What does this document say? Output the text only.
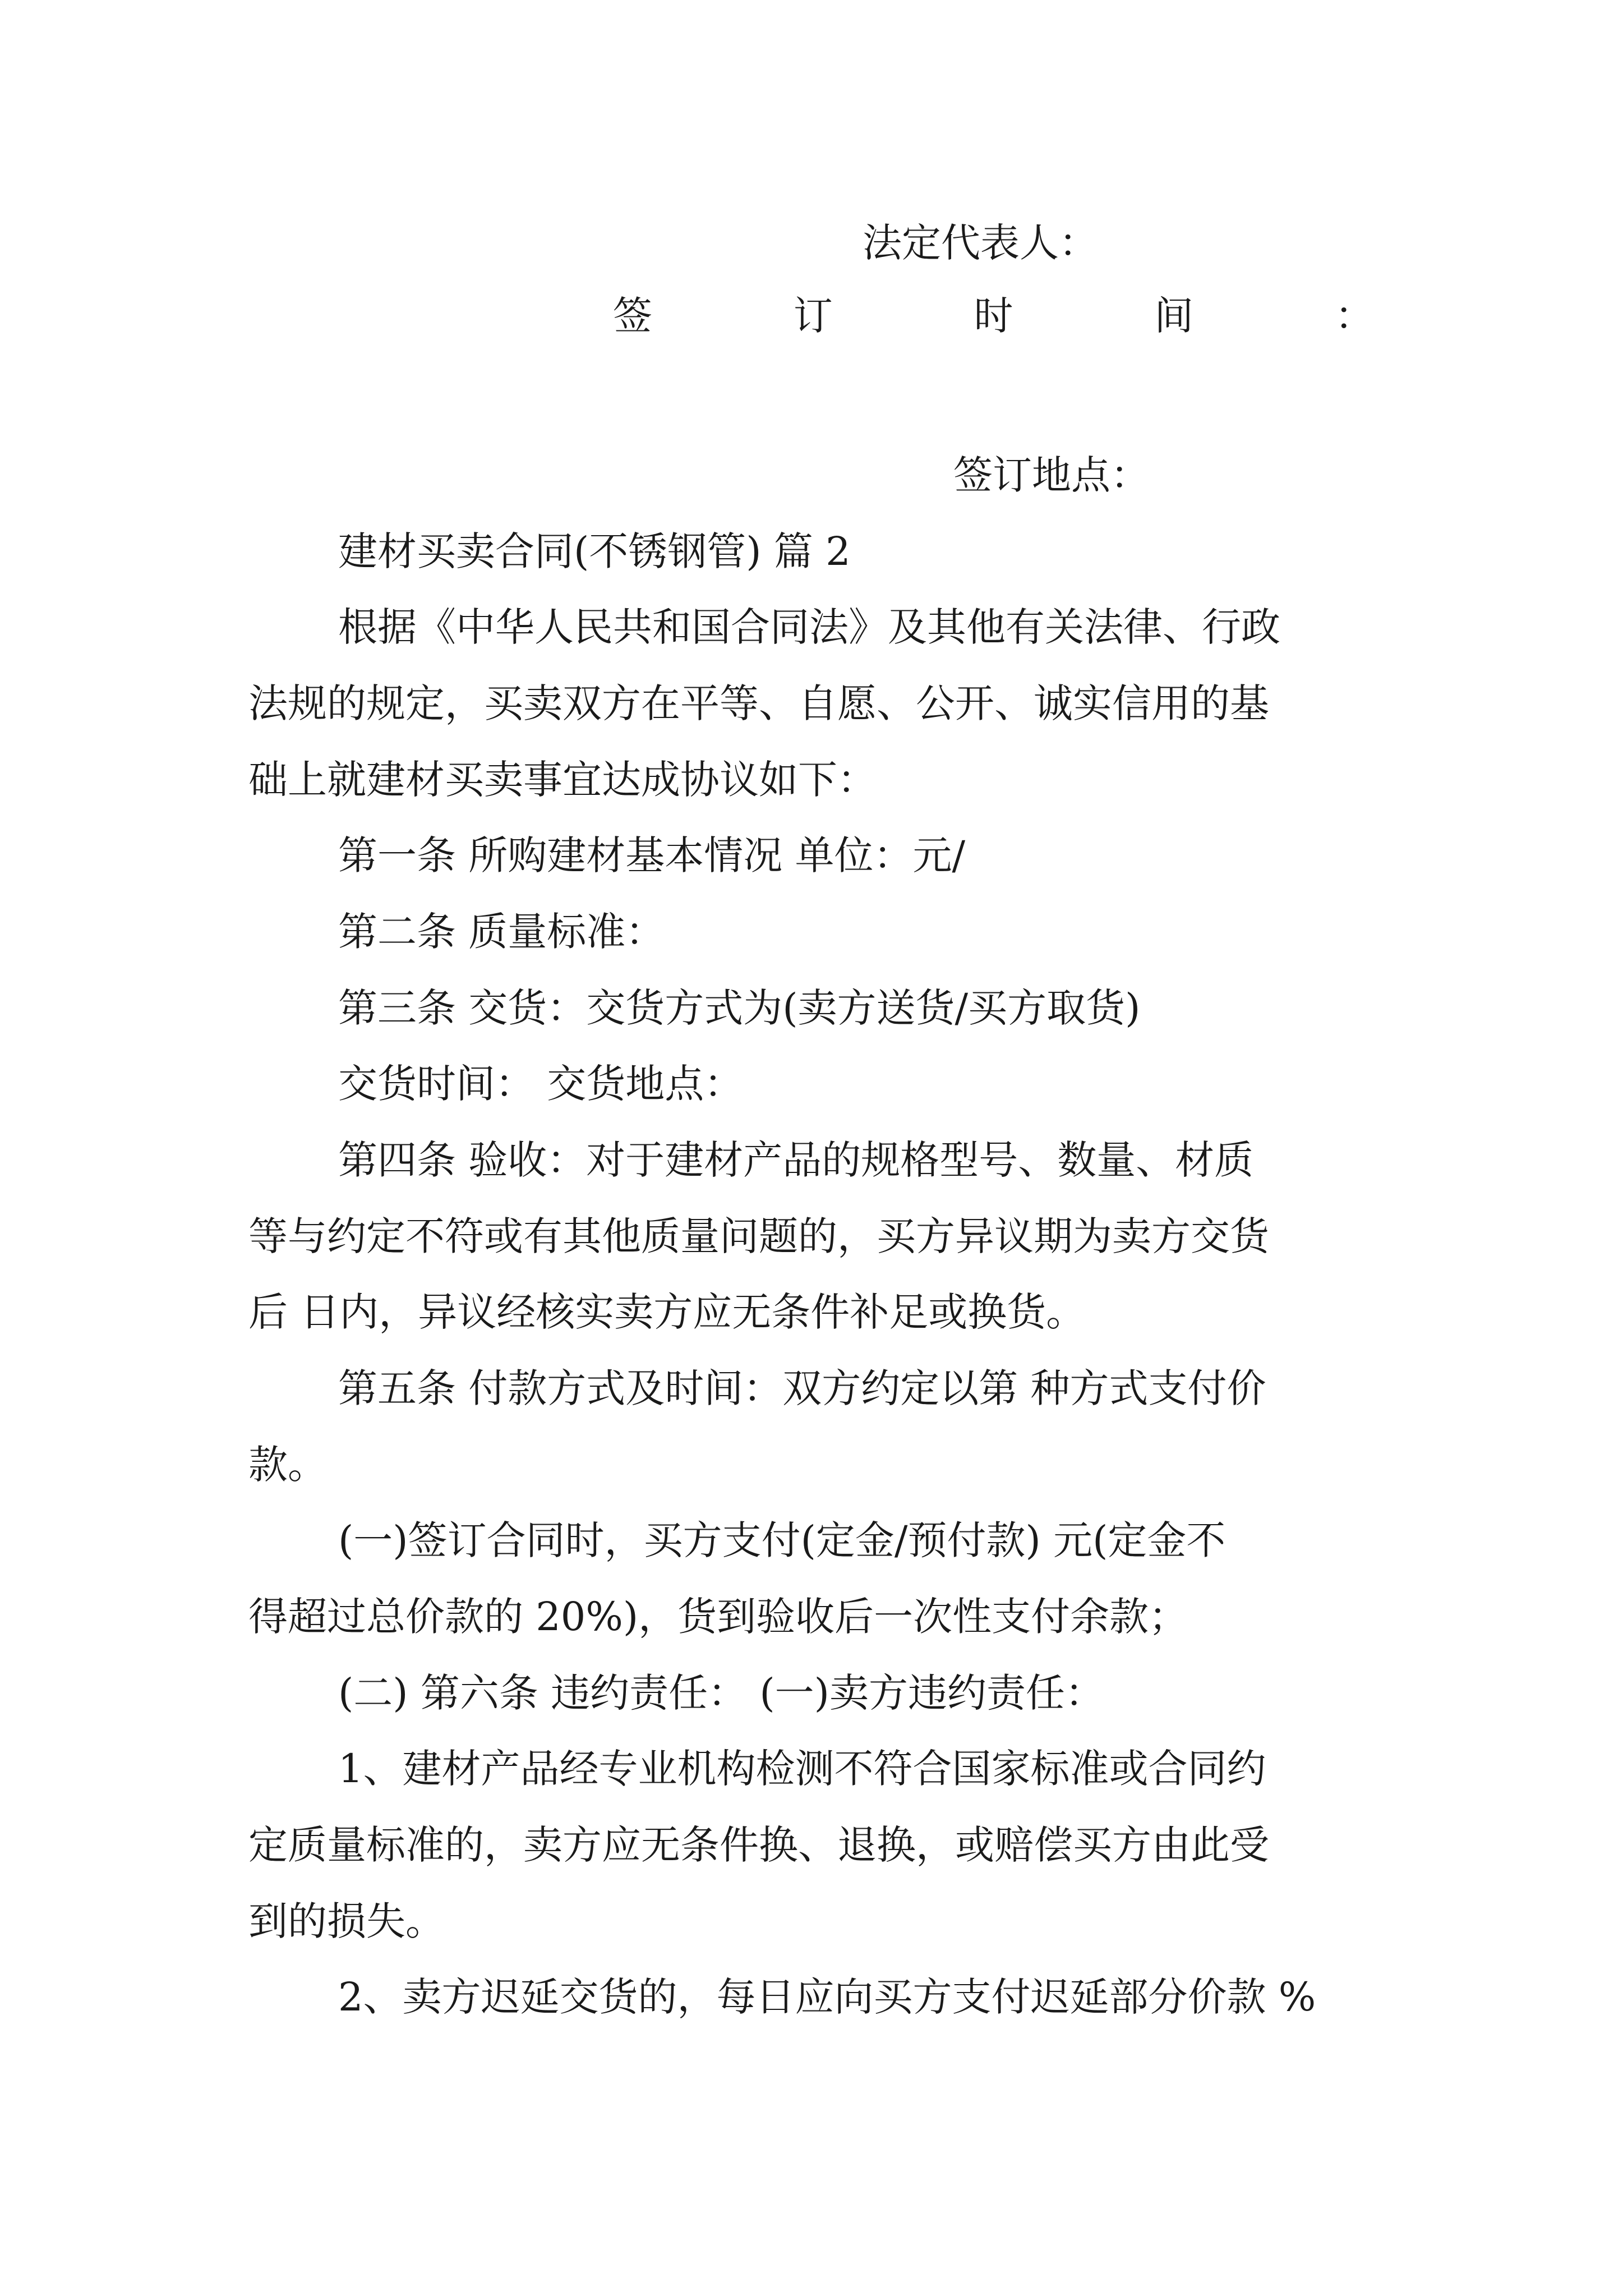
法定代表人：
签	订	时	间	：
签订地点：
建材买卖合同(不锈钢管) 篇 2
根据《中华人民共和国合同法》及其他有关法律、行政
法规的规定，买卖双方在平等、自愿、公开、诚实信用的基
础上就建材买卖事宜达成协议如下：
第一条 所购建材基本情况 单位：元/
第二条 质量标准：
第三条 交货：交货方式为(卖方送货/买方取货)
交货时间： 交货地点：
第四条 验收：对于建材产品的规格型号、数量、材质
等与约定不符或有其他质量问题的，买方异议期为卖方交货
后 日内，异议经核实卖方应无条件补足或换货。
第五条 付款方式及时间：双方约定以第 种方式支付价
款。
(一)签订合同时，买方支付(定金/预付款) 元(定金不
得超过总价款的 20%)，货到验收后一次性支付余款；
(二) 第六条 违约责任： (一)卖方违约责任：
1、建材产品经专业机构检测不符合国家标准或合同约
定质量标准的，卖方应无条件换、退换，或赔偿买方由此受
到的损失。
2、卖方迟延交货的，每日应向买方支付迟延部分价款 %
